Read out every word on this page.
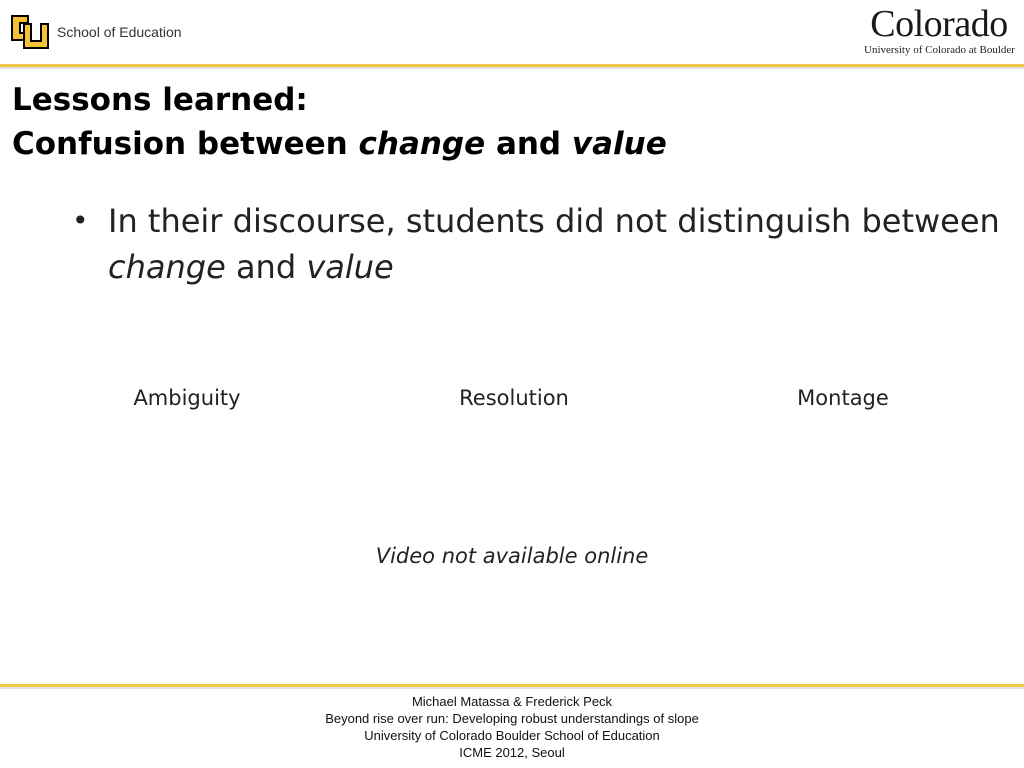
School of Education	Colorado
University of Colorado at Boulder
Lessons learned:
Confusion between change and value
• In their discourse, students did not distinguish between change and value
Ambiguity	Resolution	Montage
Video not available online
Michael Matassa & Frederick Peck
Beyond rise over run: Developing robust understandings of slope
University of Colorado Boulder School of Education
ICME 2012, Seoul
